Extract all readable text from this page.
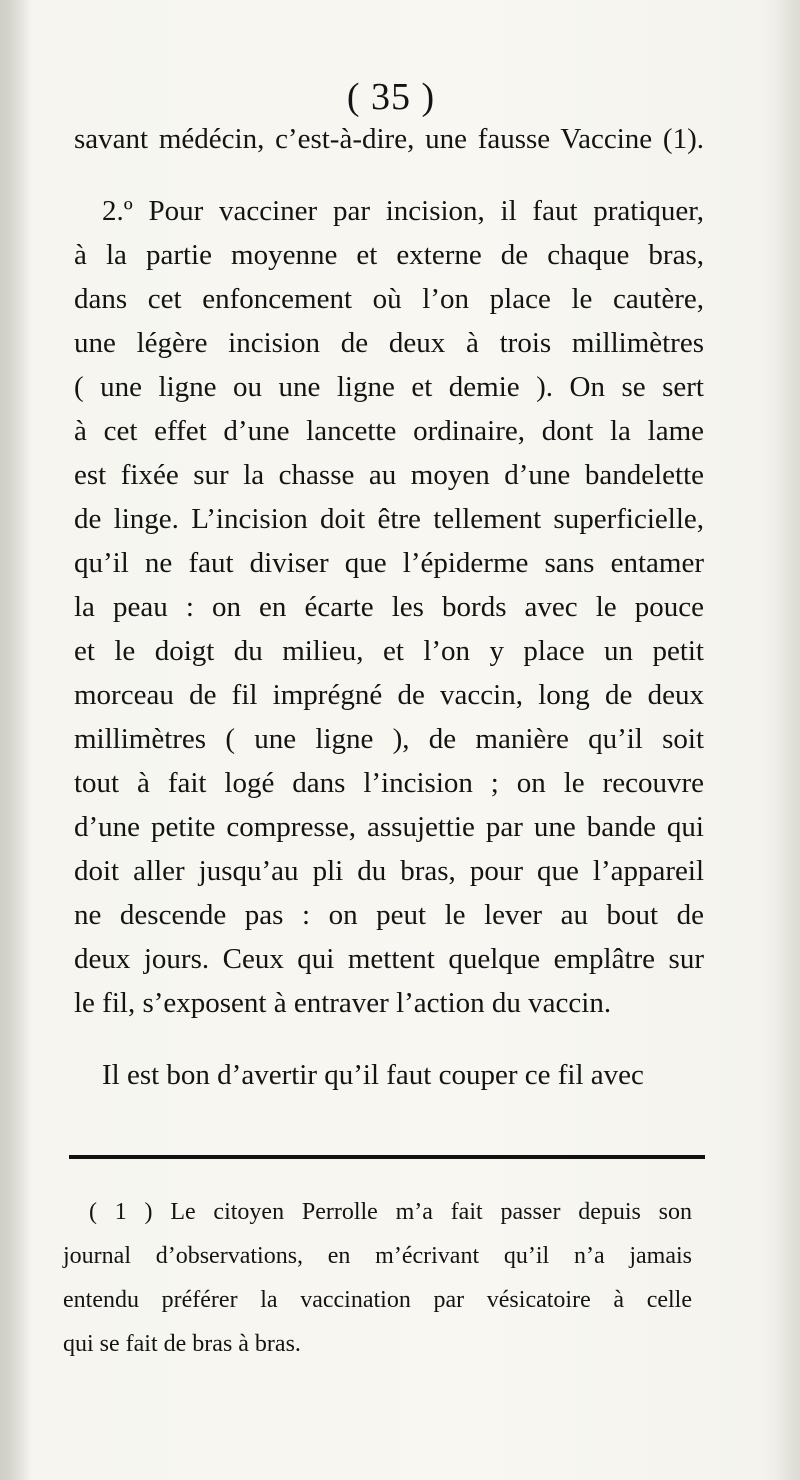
( 35 )
savant médécin, c’est-à-dire, une fausse Vaccine (1).
2.º Pour vacciner par incision, il faut pratiquer,
à la partie moyenne et externe de chaque bras,
dans cet enfoncement où l’on place le cautère,
une légère incision de deux à trois millimètres
( une ligne ou une ligne et demie ). On se sert
à cet effet d’une lancette ordinaire, dont la lame
est fixée sur la chasse au moyen d’une bandelette
de linge. L’incision doit être tellement superficielle,
qu’il ne faut diviser que l’épiderme sans entamer
la peau : on en écarte les bords avec le pouce
et le doigt du milieu, et l’on y place un petit
morceau de fil imprégné de vaccin, long de deux
millimètres ( une ligne ), de manière qu’il soit
tout à fait logé dans l’incision ; on le recouvre
d’une petite compresse, assujettie par une bande qui
doit aller jusqu’au pli du bras, pour que l’appareil
ne descende pas : on peut le lever au bout de
deux jours. Ceux qui mettent quelque emplâtre sur
le fil, s’exposent à entraver l’action du vaccin.
Il est bon d’avertir qu’il faut couper ce fil avec
( 1 ) Le citoyen Perrolle m’a fait passer depuis son
journal d’observations, en m’écrivant qu’il n’a jamais
entendu préférer la vaccination par vésicatoire à celle
qui se fait de bras à bras.
